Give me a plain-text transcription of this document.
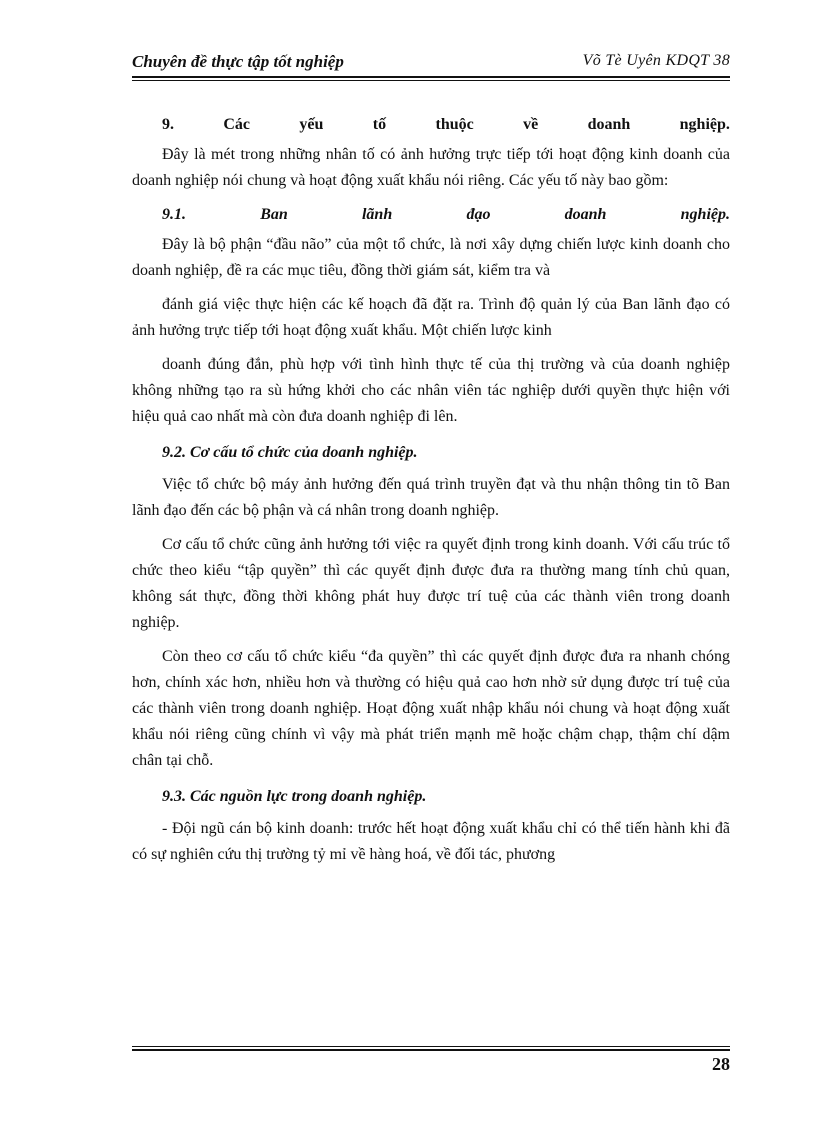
Chuyên đề thực tập tốt nghiệp	Võ Tè Uyên KDQT 38
9.	Các	yếu	tố	thuộc	về	doanh	nghiệp.

Đây là mét trong những nhân tố có ảnh hưởng trực tiếp tới hoạt động kinh doanh của doanh nghiệp nói chung và hoạt động xuất khẩu nói riêng. Các yếu tố này bao gồm:

9.1.	Ban	lãnh	đạo	doanh	nghiệp.

Đây là bộ phận “đầu não” của một tổ chức, là nơi xây dựng chiến lược kinh doanh cho doanh nghiệp, đề ra các mục tiêu, đồng thời giám sát, kiểm tra và

đánh giá việc thực hiện các kế hoạch đã đặt ra. Trình độ quản lý của Ban lãnh đạo có ảnh hưởng trực tiếp tới hoạt động xuất khẩu. Một chiến lược kinh

doanh đúng đắn, phù hợp với tình hình thực tế của thị trường và của doanh nghiệp không những tạo ra sù hứng khởi cho các nhân viên tác nghiệp dưới quyền thực hiện với hiệu quả cao nhất mà còn đưa doanh nghiệp đi lên.

9.2. Cơ cấu tổ chức của doanh nghiệp.

Việc tổ chức bộ máy ảnh hưởng đến quá trình truyền đạt và thu nhận thông tin tõ Ban lãnh đạo đến các bộ phận và cá nhân trong doanh nghiệp.

Cơ cấu tổ chức cũng ảnh hưởng tới việc ra quyết định trong kinh doanh. Với cấu trúc tổ chức theo kiểu “tập quyền” thì các quyết định được đưa ra thường mang tính chủ quan, không sát thực, đồng thời không phát huy được trí tuệ của các thành viên trong doanh nghiệp.

Còn theo cơ cấu tổ chức kiểu “đa quyền” thì các quyết định được đưa ra nhanh chóng hơn, chính xác hơn, nhiều hơn và thường có hiệu quả cao hơn nhờ sử dụng được trí tuệ của các thành viên trong doanh nghiệp. Hoạt động xuất nhập khẩu nói chung và hoạt động xuất khẩu nói riêng cũng chính vì vậy mà phát triển mạnh mẽ hoặc chậm chạp, thậm chí dậm chân tại chỗ.

9.3. Các nguồn lực trong doanh nghiệp.

- Đội ngũ cán bộ kinh doanh: trước hết hoạt động xuất khẩu chỉ có thể tiến hành khi đã có sự nghiên cứu thị trường tỷ mỉ về hàng hoá, về đối tác, phương

28
